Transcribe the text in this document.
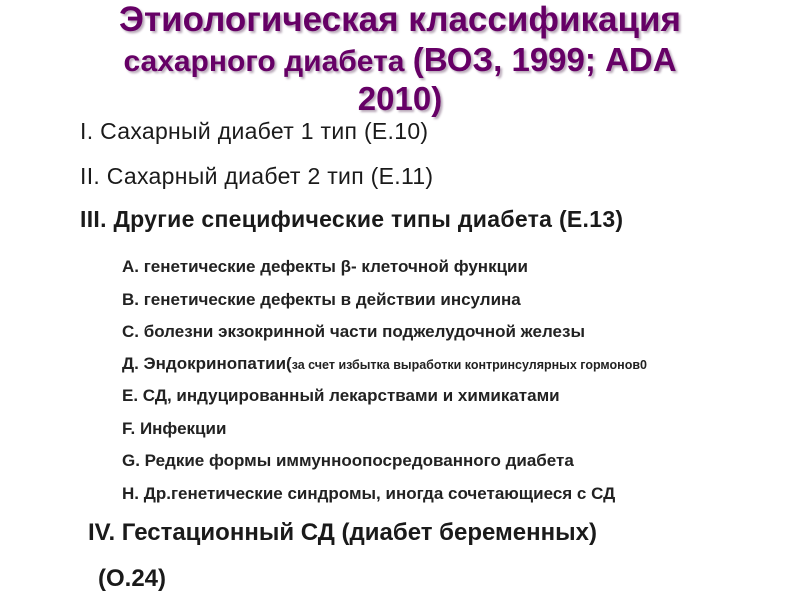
Этиологическая классификация
сахарного диабета (ВОЗ, 1999; ADA
2010)
I. Сахарный диабет 1 тип (Е.10)
II. Сахарный диабет 2 тип (Е.11)
III. Другие специфические типы диабета (Е.13)
А. генетические дефекты β- клеточной функции
В. генетические дефекты в действии инсулина
С. болезни экзокринной части поджелудочной железы
Д. Эндокринопатии(за счет избытка выработки контринсулярных гормонов0
Е. СД, индуцированный лекарствами и химикатами
F. Инфекции
G. Редкие формы иммунноопосредованного диабета
H. Др.генетические синдромы, иногда сочетающиеся с СД
IV. Гестационный СД (диабет беременных)
(О.24)
